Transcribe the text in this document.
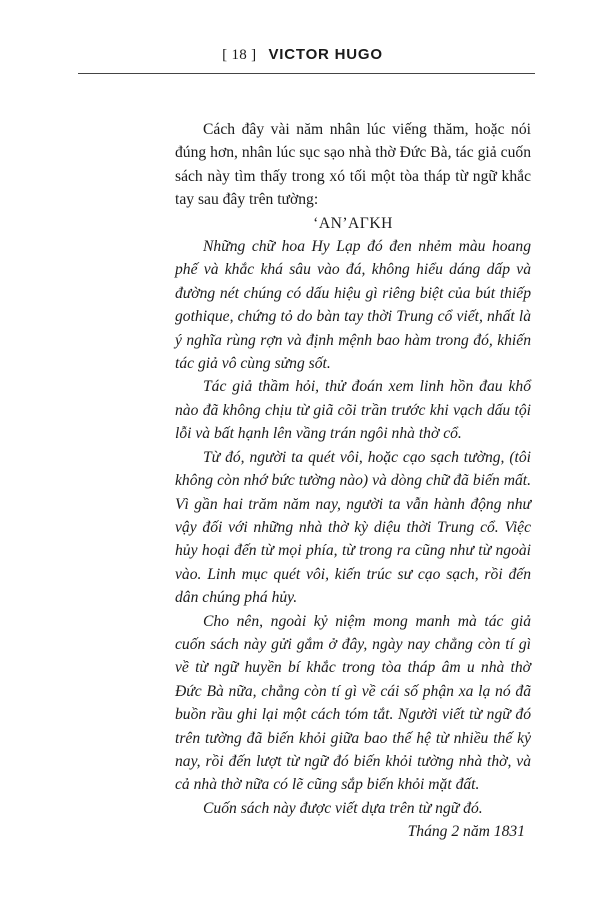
[ 18 ] VICTOR HUGO

Cách đây vài năm nhân lúc viếng thăm, hoặc nói đúng hơn, nhân lúc sục sạo nhà thờ Đức Bà, tác giả cuốn sách này tìm thấy trong xó tối một tòa tháp từ ngữ khắc tay sau đây trên tường:

‘ANʼAΓKH

Những chữ hoa Hy Lạp đó đen nhẻm màu hoang phế và khắc khá sâu vào đá, không hiểu dáng dấp và đường nét chúng có dấu hiệu gì riêng biệt của bút thiếp gothique, chứng tỏ do bàn tay thời Trung cổ viết, nhất là ý nghĩa rùng rợn và định mệnh bao hàm trong đó, khiến tác giả vô cùng sửng sốt.

Tác giả thầm hỏi, thử đoán xem linh hồn đau khổ nào đã không chịu từ giã cõi trần trước khi vạch dấu tội lỗi và bất hạnh lên vầng trán ngôi nhà thờ cổ.

Từ đó, người ta quét vôi, hoặc cạo sạch tường, (tôi không còn nhớ bức tường nào) và dòng chữ đã biến mất. Vì gần hai trăm năm nay, người ta vẫn hành động như vậy đối với những nhà thờ kỳ diệu thời Trung cổ. Việc hủy hoại đến từ mọi phía, từ trong ra cũng như từ ngoài vào. Linh mục quét vôi, kiến trúc sư cạo sạch, rồi đến dân chúng phá hủy.

Cho nên, ngoài kỷ niệm mong manh mà tác giả cuốn sách này gửi gắm ở đây, ngày nay chẳng còn tí gì về từ ngữ huyền bí khắc trong tòa tháp âm u nhà thờ Đức Bà nữa, chẳng còn tí gì về cái số phận xa lạ nó đã buồn rầu ghi lại một cách tóm tắt. Người viết từ ngữ đó trên tường đã biến khỏi giữa bao thế hệ từ nhiều thế kỷ nay, rồi đến lượt từ ngữ đó biến khỏi tường nhà thờ, và cả nhà thờ nữa có lẽ cũng sắp biến khỏi mặt đất.

Cuốn sách này được viết dựa trên từ ngữ đó.

Tháng 2 năm 1831
